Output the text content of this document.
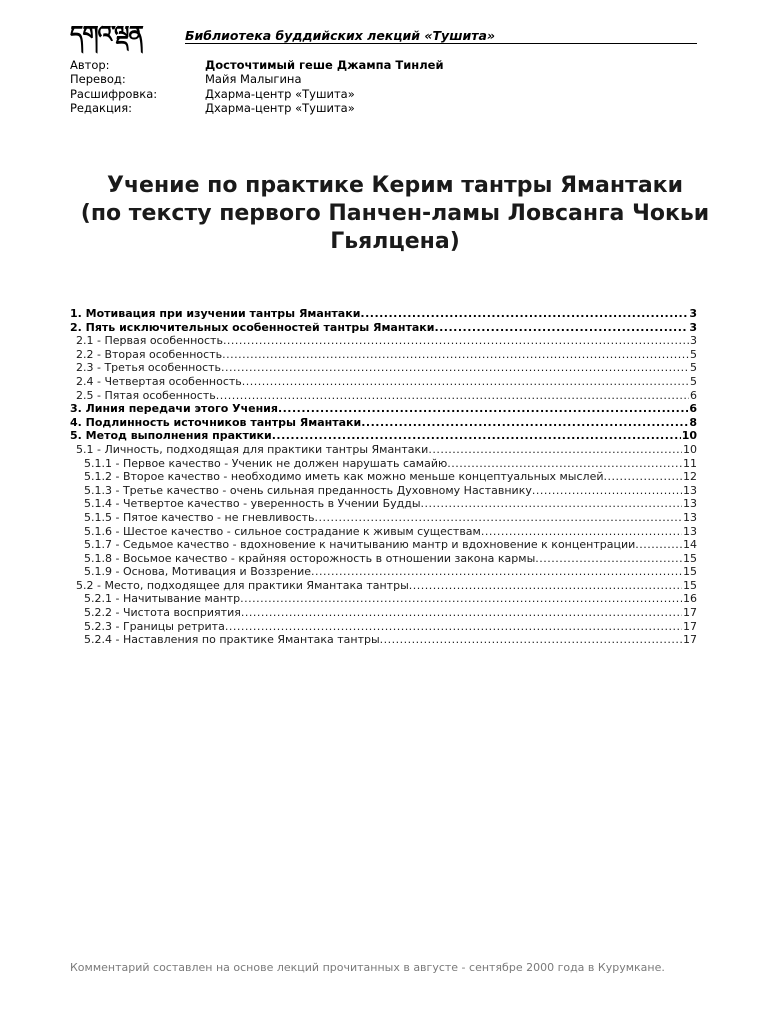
དགའ་ལྡན	Библиотека буддийских лекций «Тушита»
Автор:	Досточтимый геше Джампа Тинлей
Перевод:	Майя Малыгина
Расшифровка:	Дхарма-центр «Тушита»
Редакция:	Дхарма-центр «Тушита»
Учение по практике Керим тантры Ямантаки
(по тексту первого Панчен-ламы Ловсанга Чокьи
Гьялцена)
1. Мотивация при изучении тантры Ямантаки .....	3
2. Пять исключительных особенностей тантры Ямантаки .....	3
2.1 - Первая особенность .....	3
2.2 - Вторая особенность .....	5
2.3 - Третья особенность .....	5
2.4 - Четвертая особенность .....	5
2.5 - Пятая особенность .....	6
3. Линия передачи этого Учения .....	6
4. Подлинность источников тантры Ямантаки .....	8
5. Метод выполнения практики .....	10
5.1 - Личность, подходящая для практики тантры Ямантаки .....	10
5.1.1 - Первое качество - Ученик не должен нарушать самайю .....	11
5.1.2 - Второе качество - необходимо иметь как можно меньше концептуальных мыслей .....	12
5.1.3 - Третье качество - очень сильная преданность Духовному Наставнику .....	13
5.1.4 - Четвертое качество - уверенность в Учении Будды .....	13
5.1.5 - Пятое качество - не гневливость .....	13
5.1.6 - Шестое качество - сильное сострадание к живым существам .....	13
5.1.7 - Седьмое качество - вдохновение к начитыванию мантр и вдохновение к концентрации .....	14
5.1.8 - Восьмое качество - крайняя осторожность в отношении закона кармы .....	15
5.1.9 - Основа, Мотивация и Воззрение .....	15
5.2 - Место, подходящее для практики Ямантака тантры .....	15
5.2.1 - Начитывание мантр .....	16
5.2.2 - Чистота восприятия .....	17
5.2.3 - Границы ретрита .....	17
5.2.4 - Наставления по практике Ямантака тантры .....	17
Комментарий составлен на основе лекций прочитанных в августе - сентябре 2000 года в Курумкане.
